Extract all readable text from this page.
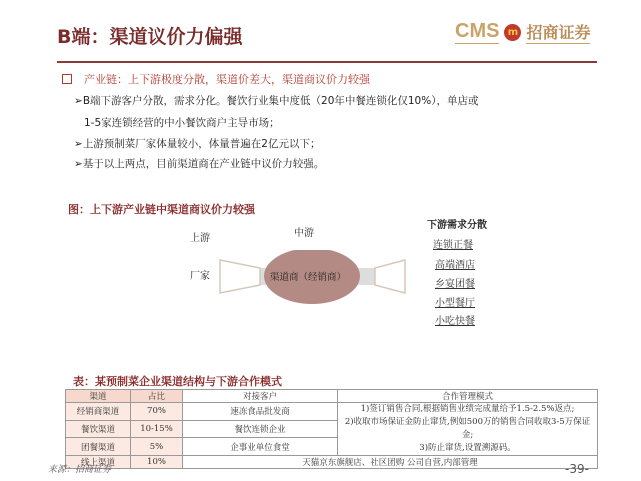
B端：渠道议价力偏强	CMS m 招商证券
产业链：上下游极度分散，渠道价差大，渠道商议价力较强
➢B端下游客户分散，需求分化。餐饮行业集中度低（20年中餐连锁化仅10%），单店或
1-5家连锁经营的中小餐饮商户主导市场；
➢上游预制菜厂家体量较小，体量普遍在2亿元以下；
➢基于以上两点，目前渠道商在产业链中议价力较强。
图：上下游产业链中渠道商议价力较强
上游	中游
厂家	渠道商（经销商）
下游需求分散
连锁正餐
高端酒店
乡宴团餐
小型餐厅
小吃快餐
表：某预制菜企业渠道结构与下游合作模式
渠道	占比	对接客户	合作管理模式
经销商渠道	70%	速冻食品批发商	1)签订销售合同,根据销售业绩完成量给予1.5-2.5%返点;
2)收取市场保证金防止窜货,例如500万的销售合同收取3-5万保证金;
3)防止窜货,设置溯源码。

餐饮渠道	10-15%	餐饮连锁企业	
团餐渠道	5%	企事业单位食堂	
线上渠道	10%	天猫京东旗舰店、社区团购 公司自营,内部管理	
来源：招商证券	-39-
